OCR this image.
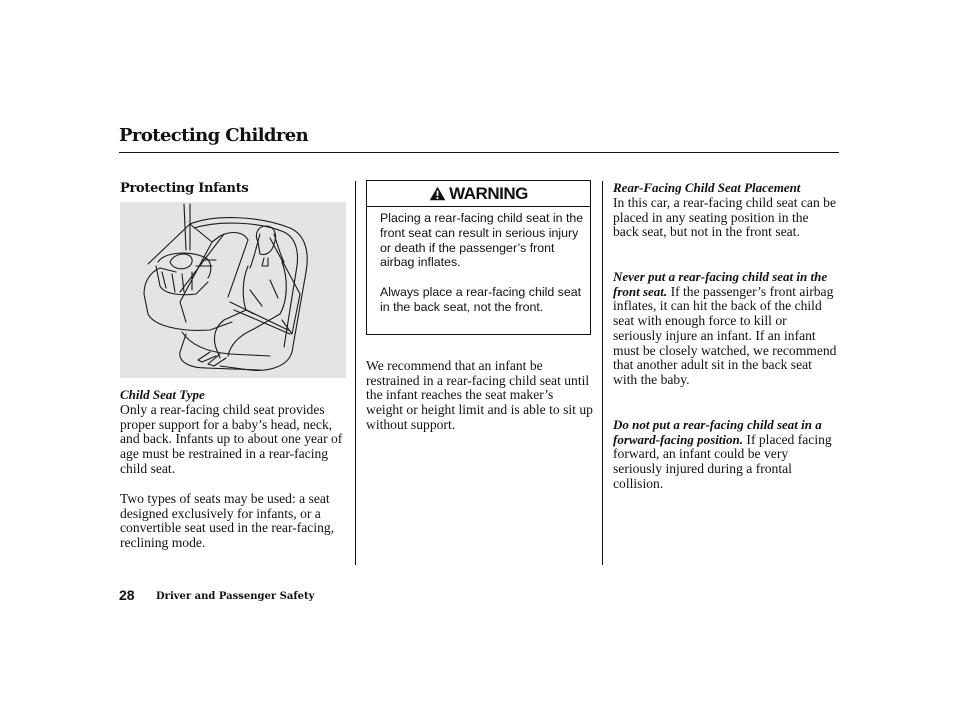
Protecting Children
Protecting Infants
Child Seat Type
Only a rear-facing child seat provides proper support for a baby’s head, neck, and back. Infants up to about one year of age must be restrained in a rear-facing child seat.
Two types of seats may be used: a seat designed exclusively for infants, or a convertible seat used in the rear-facing, reclining mode.
WARNING
Placing a rear-facing child seat in the front seat can result in serious injury or death if the passenger’s front airbag inflates.
Always place a rear-facing child seat in the back seat, not the front.
We recommend that an infant be restrained in a rear-facing child seat until the infant reaches the seat maker’s weight or height limit and is able to sit up without support.
Rear-Facing Child Seat Placement
In this car, a rear-facing child seat can be placed in any seating position in the back seat, but not in the front seat.
Never put a rear-facing child seat in the front seat. If the passenger’s front airbag inflates, it can hit the back of the child seat with enough force to kill or seriously injure an infant. If an infant must be closely watched, we recommend that another adult sit in the back seat with the baby.
Do not put a rear-facing child seat in a forward-facing position. If placed facing forward, an infant could be very seriously injured during a frontal collision.
28 Driver and Passenger Safety
